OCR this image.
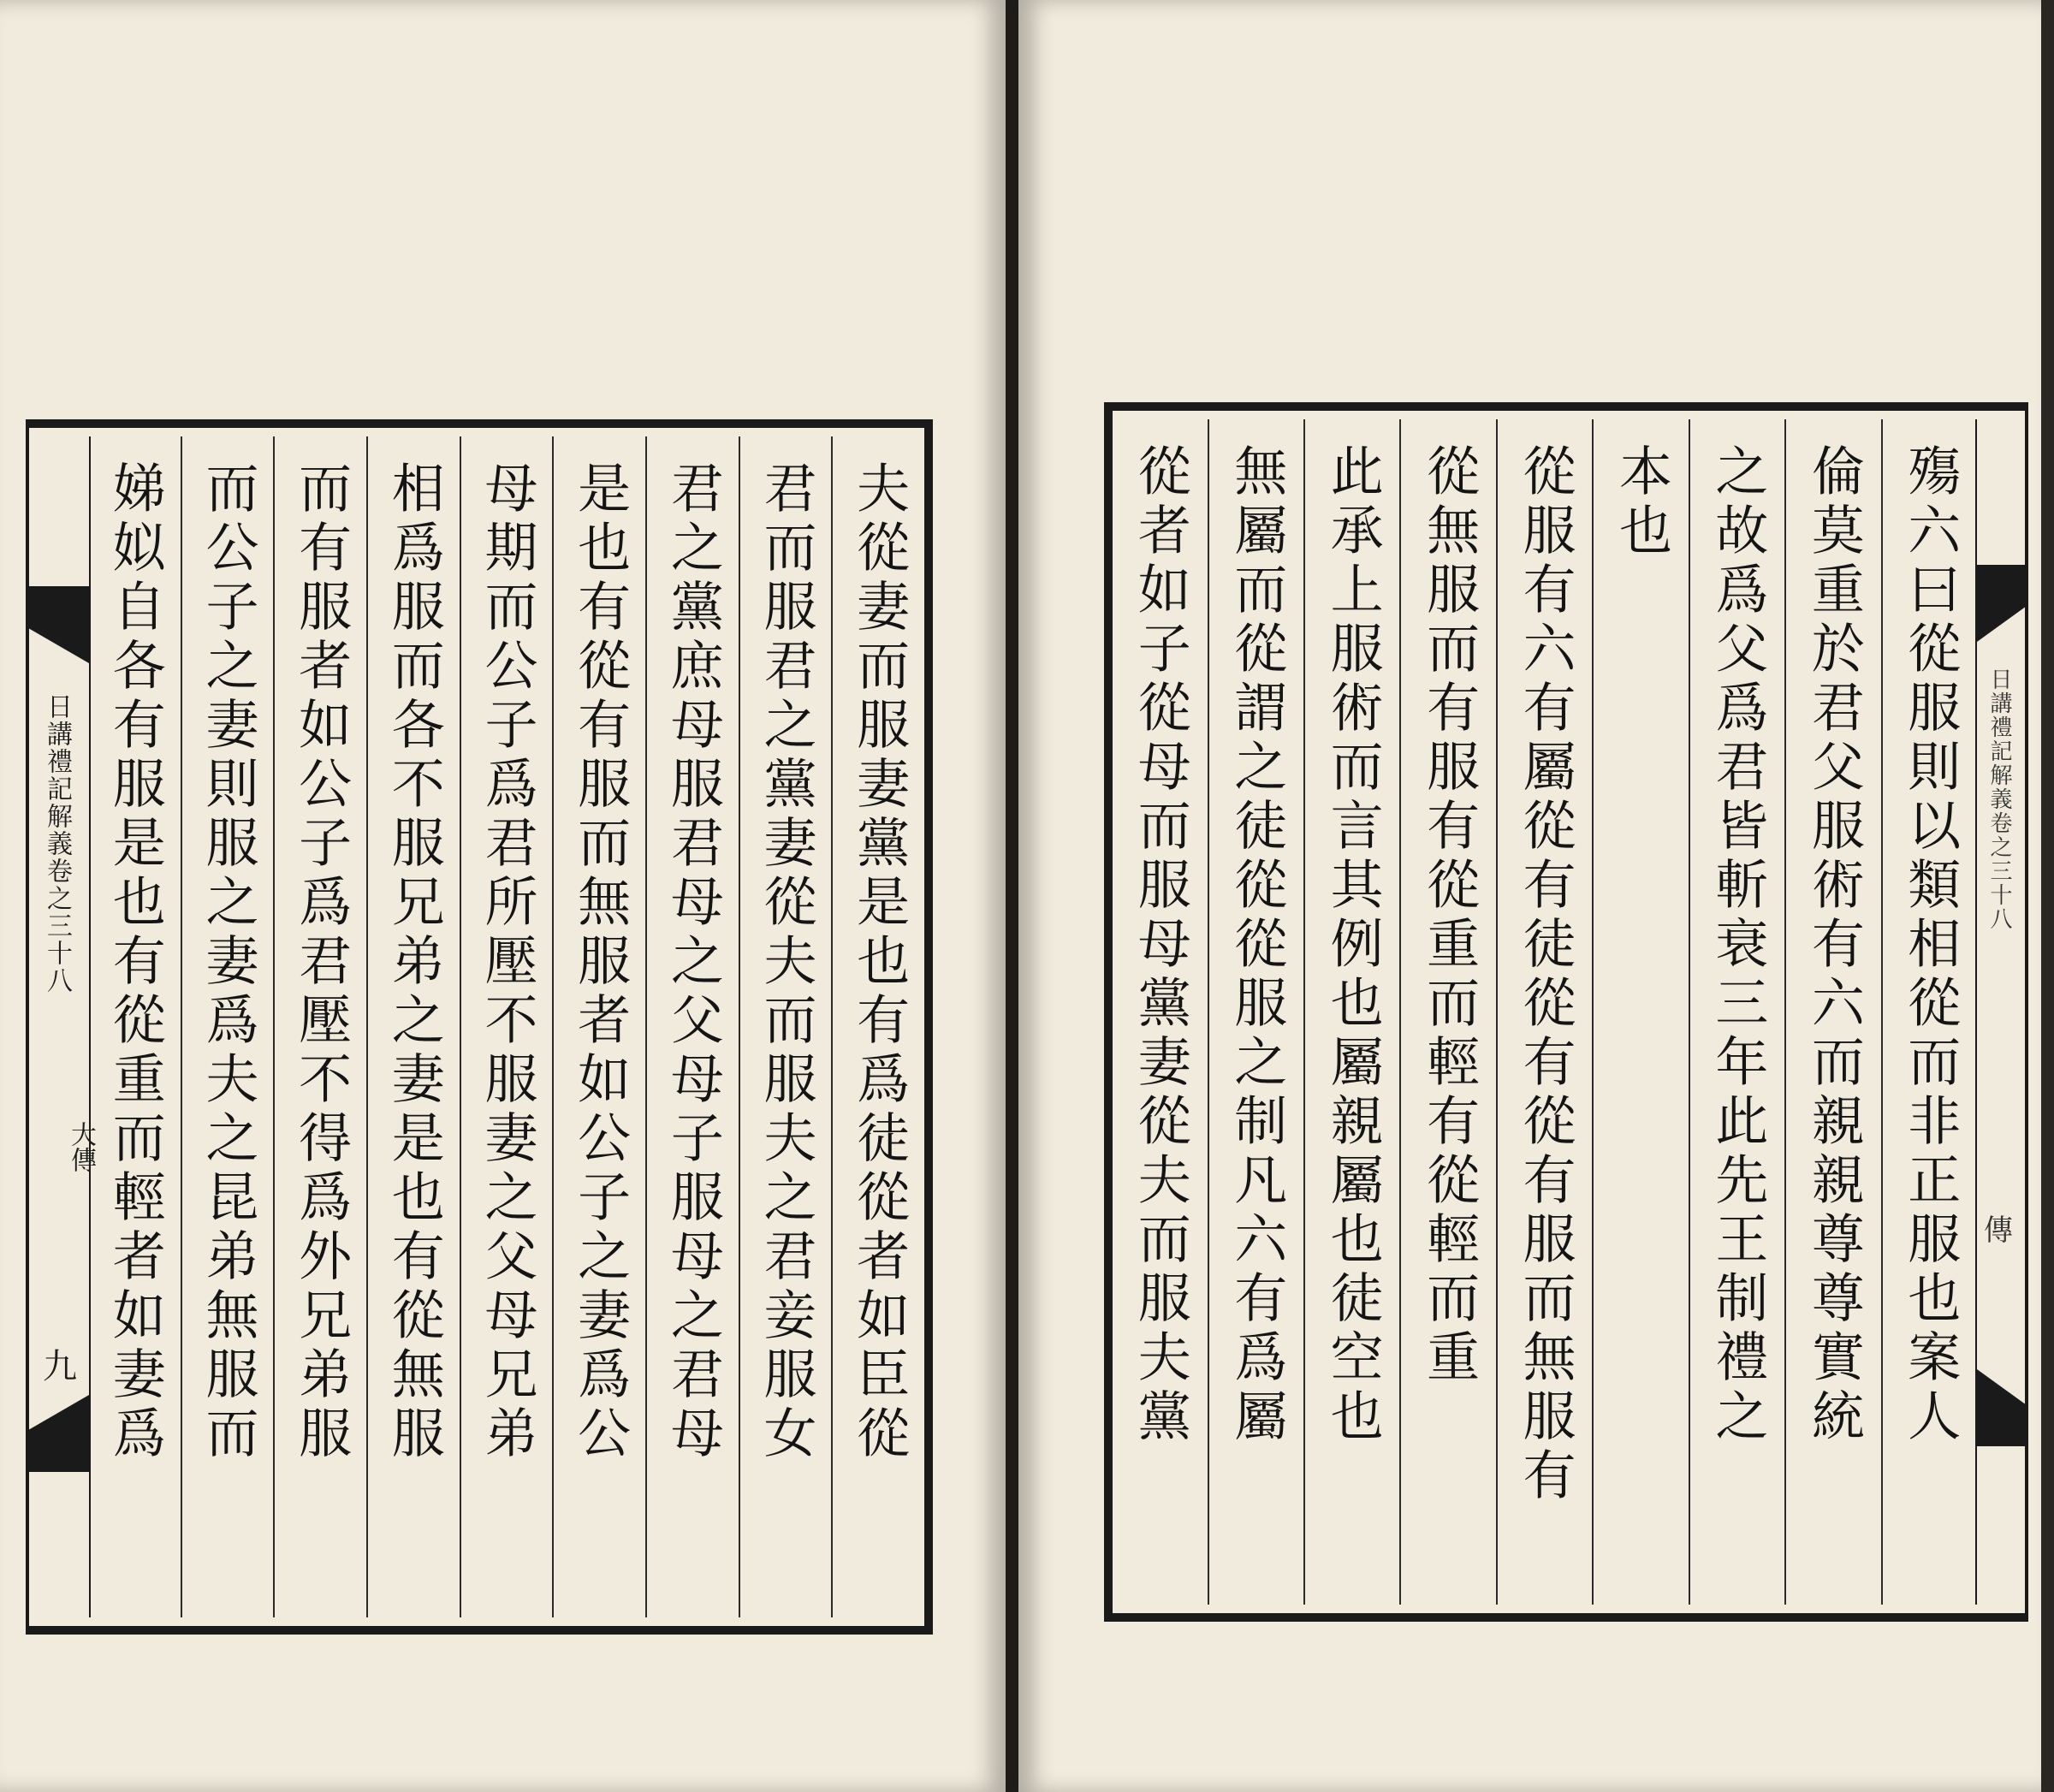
日講禮記解義卷之三十八
大傳
九	夫從妻而服妻黨是也有爲徒從者如臣從
君而服君之黨妻從夫而服夫之君妾服女
君之黨庶母服君母之父母子服母之君母
是也有從有服而無服者如公子之妻爲公
母期而公子爲君所壓不服妻之父母兄弟
相爲服而各不服兄弟之妻是也有從無服
而有服者如公子爲君壓不得爲外兄弟服
而公子之妻則服之妻爲夫之昆弟無服而
娣姒自各有服是也有從重而輕者如妻爲	日講禮記解義卷之三十八
傳
殤六曰從服則以類相從而非正服也案人
倫莫重於君父服術有六而親親尊尊實統
之故爲父爲君皆斬衰三年此先王制禮之
本也
從服有六有屬從有徒從有從有服而無服有
從無服而有服有從重而輕有從輕而重
此承上服術而言其例也屬親屬也徒空也
無屬而從謂之徒從從服之制凡六有爲屬
從者如子從母而服母黨妻從夫而服夫黨
